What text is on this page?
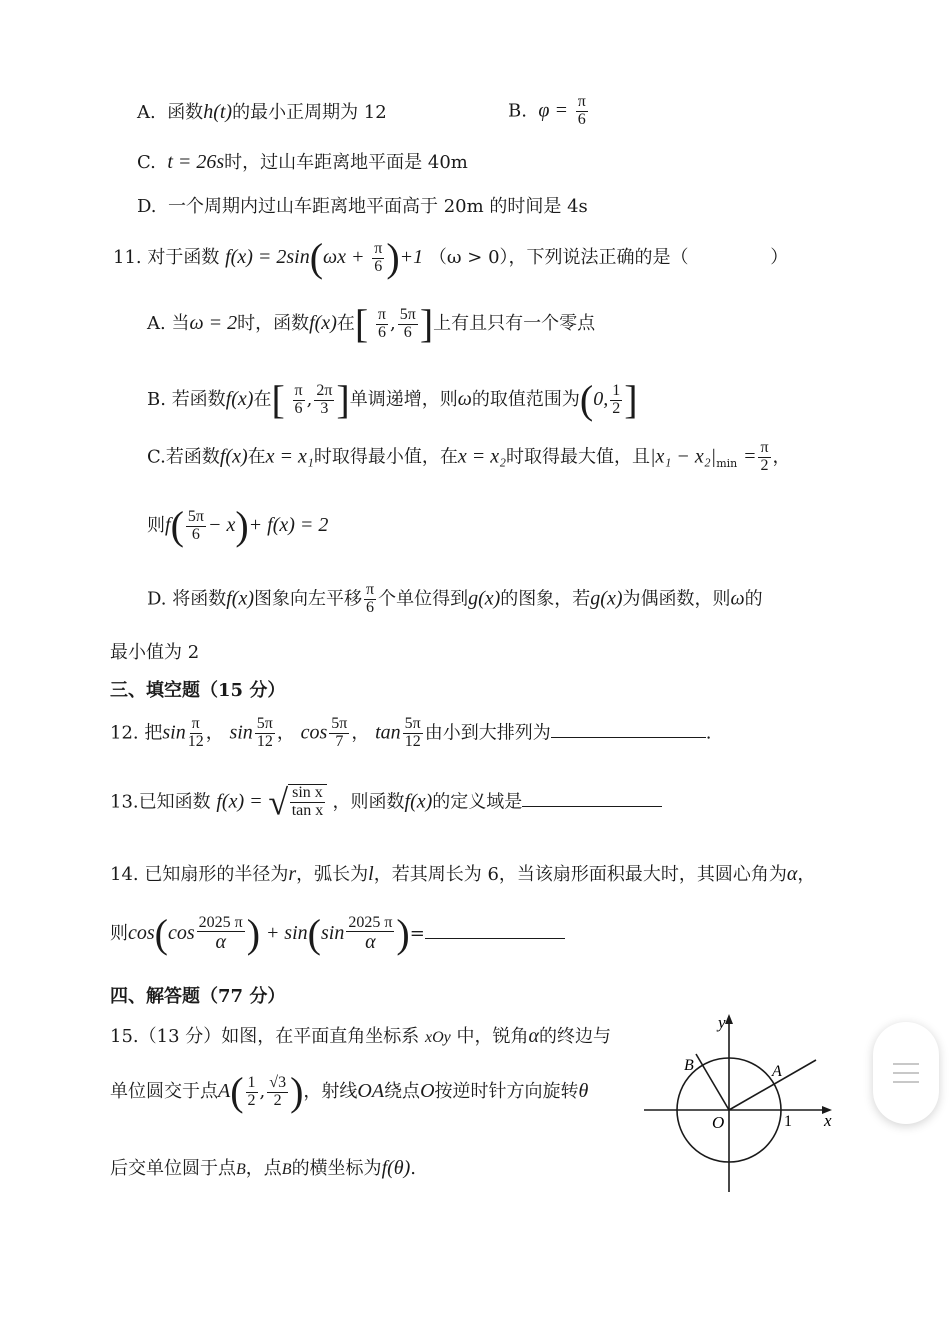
A. 函数h(t)的最小正周期为 12	B. $\varphi = \frac{\pi}{6}$
C. t = 26s时，过山车距离地平面是 40m
D. 一个周期内过山车距离地平面高于 20m 的时间是 4s
11. 对于函数 $f(x) = 2\sin(\omega x + \frac{\pi}{6} )+1$ （ω > 0），下列说法正确的是（	）
A. 当ω = 2时，函数f(x)在[ $\frac{\pi}{6}$ , $\frac{5\pi}{6}$ ]上有且只有一个零点
B. 若函数f(x)在[ $\frac{\pi}{6}$ , $\frac{2\pi}{3}$ ]单调递增，则ω的取值范围为(0, $\frac{1}{2}$ ]
C.若函数f(x)在x = x₁时取得最小值，在x = x₂时取得最大值，且$|x_1 - x_2|_{min} = \frac{\pi}{2}$ ，
则$f( \frac{5\pi}{6} - x)+ f(x) = 2$
D. 将函数f(x)图象向左平移 $\frac{\pi}{6}$ 个单位得到g(x)的图象，若g(x)为偶函数，则ω的
最小值为 2
三、填空题（15 分）
12. 把$\sin \frac{\pi}{12}$ ， $\sin \frac{5\pi}{12}$ ， $\cos \frac{5\pi}{7}$ ， $\tan \frac{5\pi}{12}$ 由小到大排列为	.
13.已知函数 f(x) = √ $\frac{\text{sin x}}{\text{tan x}}$ ，则函数f(x)的定义域是
14. 已知扇形的半径为r，弧长为l，若其周长为 6，当该扇形面积最大时，其圆心角为α，
则$\cos(\cos \frac{2025 \pi}{\alpha}$ ) + $\sin(\sin \frac{2025 \pi}{\alpha}$ )=
四、解答题（77 分）
15.（13 分）如图，在平面直角坐标系 xOy 中，锐角α的终边与
单位圆交于点$A( \frac{1}{2}$ , $\frac{√3}{2}$ )，射线OA绕点O按逆时针方向旋转θ
后交单位圆于点B，点B的横坐标为f(θ).
y
x
O	1
A
B
